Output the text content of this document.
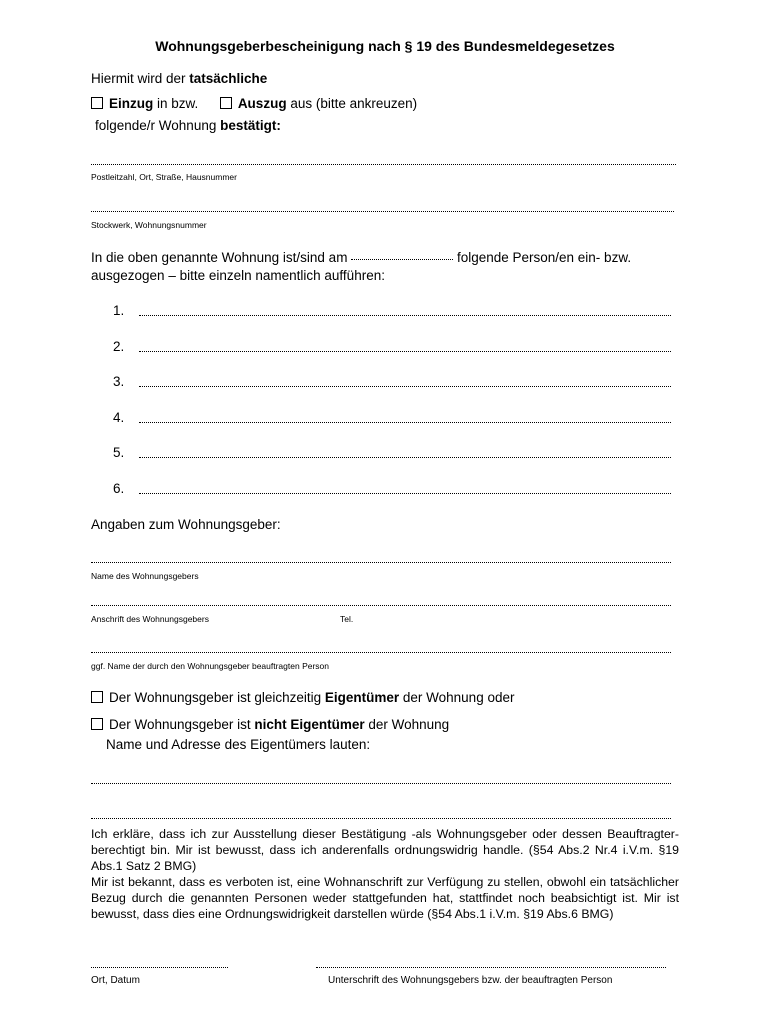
Wohnungsgeberbescheinigung nach § 19 des Bundesmeldegesetzes
Hiermit wird der tatsächliche
Einzug in bzw.	Auszug aus (bitte ankreuzen)
folgende/r Wohnung bestätigt:
Postleitzahl, Ort, Straße, Hausnummer
Stockwerk, Wohnungsnummer
In die oben genannte Wohnung ist/sind am	folgende Person/en ein- bzw.
ausgezogen – bitte einzeln namentlich aufführen:
1.
2.
3.
4.
5.
6.
Angaben zum Wohnungsgeber:
Name des Wohnungsgebers
Anschrift des Wohnungsgebers	Tel.
ggf. Name der durch den Wohnungsgeber beauftragten Person
Der Wohnungsgeber ist gleichzeitig Eigentümer der Wohnung oder
Der Wohnungsgeber ist nicht Eigentümer der Wohnung
Name und Adresse des Eigentümers lauten:
Ich erkläre, dass ich zur Ausstellung dieser Bestätigung -als Wohnungsgeber oder dessen Beauftragter- berechtigt bin. Mir ist bewusst, dass ich anderenfalls ordnungswidrig handle. (§54 Abs.2 Nr.4 i.V.m. §19 Abs.1 Satz 2 BMG)
Mir ist bekannt, dass es verboten ist, eine Wohnanschrift zur Verfügung zu stellen, obwohl ein tatsächlicher Bezug durch die genannten Personen weder stattgefunden hat, stattfindet noch beabsichtigt ist. Mir ist bewusst, dass dies eine Ordnungswidrigkeit darstellen würde (§54 Abs.1 i.V.m. §19 Abs.6 BMG)
Ort, Datum	Unterschrift des Wohnungsgebers bzw. der beauftragten Person
